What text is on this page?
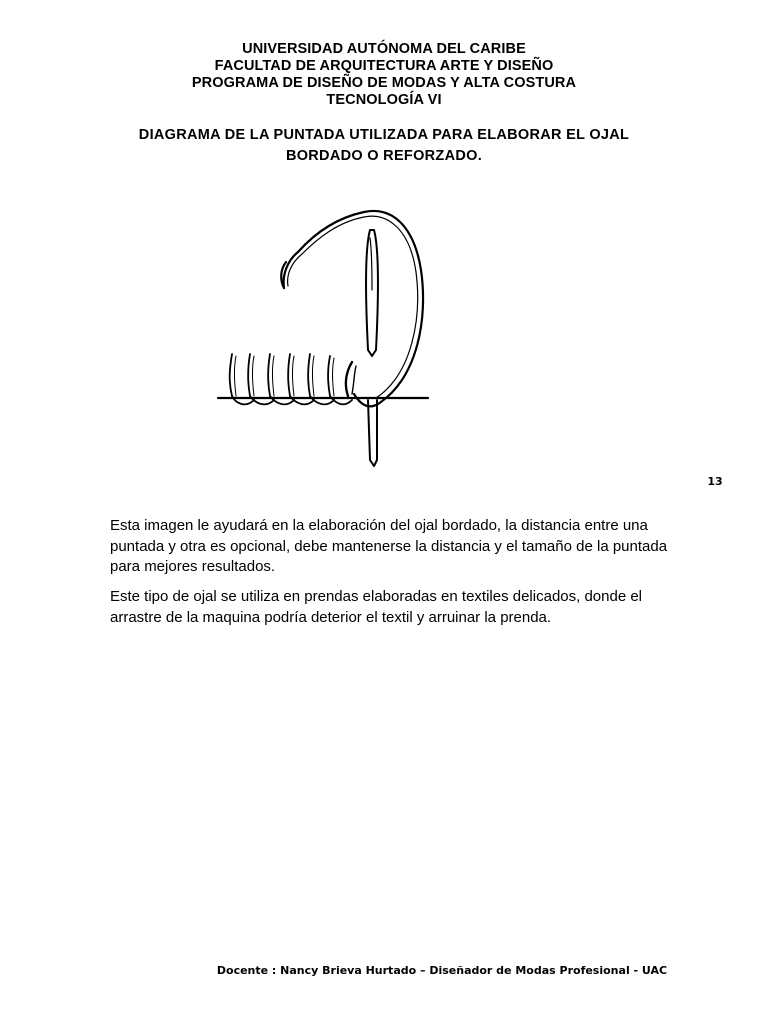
UNIVERSIDAD AUTÓNOMA DEL CARIBE
FACULTAD DE ARQUITECTURA ARTE Y DISEÑO
PROGRAMA DE DISEÑO DE MODAS Y ALTA COSTURA
TECNOLOGÍA VI
DIAGRAMA DE LA PUNTADA UTILIZADA PARA ELABORAR EL OJAL
BORDADO O REFORZADO.
13
Esta imagen le ayudará en la elaboración del ojal bordado, la distancia entre una puntada y otra es opcional, debe mantenerse la distancia y el tamaño de la puntada para mejores resultados.
Este tipo de ojal se utiliza en prendas elaboradas en textiles delicados, donde el arrastre de la maquina podría deterior el textil y arruinar la prenda.
Docente : Nancy Brieva Hurtado – Diseñador de Modas Profesional - UAC
